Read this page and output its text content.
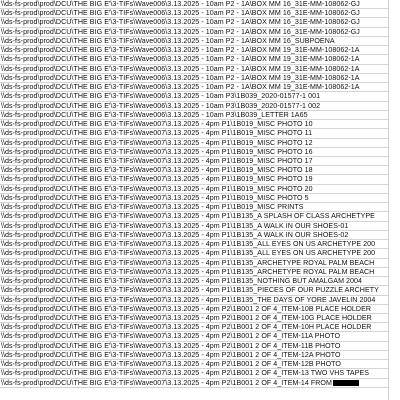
\\ds-fs-prod\prod\DCU\THE BIG E'\3-TIFs\Wave006\3.13.2025 - 10am P2 - 1A\BOX MM 16_31E-MM-108062-GJ
\\ds-fs-prod\prod\DCU\THE BIG E'\3-TIFs\Wave006\3.13.2025 - 10am P2 - 1A\BOX MM 16_31E-MM-108062-GJ
\\ds-fs-prod\prod\DCU\THE BIG E'\3-TIFs\Wave006\3.13.2025 - 10am P2 - 1A\BOX MM 16_31E-MM-108062-GJ
\\ds-fs-prod\prod\DCU\THE BIG E'\3-TIFs\Wave006\3.13.2025 - 10am P2 - 1A\BOX MM 16_31E-MM-108062-GJ
\\ds-fs-prod\prod\DCU\THE BIG E'\3-TIFs\Wave006\3.13.2025 - 10am P2 - 1A\BOX MM 16_SUBPOENA
\\ds-fs-prod\prod\DCU\THE BIG E'\3-TIFs\Wave006\3.13.2025 - 10am P2 - 1A\BOX MM 19_31E-MM-108062-1A
\\ds-fs-prod\prod\DCU\THE BIG E'\3-TIFs\Wave006\3.13.2025 - 10am P2 - 1A\BOX MM 19_31E-MM-108062-1A
\\ds-fs-prod\prod\DCU\THE BIG E'\3-TIFs\Wave006\3.13.2025 - 10am P2 - 1A\BOX MM 19_31E-MM-108062-1A
\\ds-fs-prod\prod\DCU\THE BIG E'\3-TIFs\Wave006\3.13.2025 - 10am P2 - 1A\BOX MM 19_31E-MM-108062-1A
\\ds-fs-prod\prod\DCU\THE BIG E'\3-TIFs\Wave006\3.13.2025 - 10am P2 - 1A\BOX MM 19_31E-MM-108062-1A
\\ds-fs-prod\prod\DCU\THE BIG E'\3-TIFs\Wave006\3.13.2025 - 10am P3\1B039_2020-01577-1 001
\\ds-fs-prod\prod\DCU\THE BIG E'\3-TIFs\Wave006\3.13.2025 - 10am P3\1B039_2020-01577-1 002
\\ds-fs-prod\prod\DCU\THE BIG E'\3-TIFs\Wave006\3.13.2025 - 10am P3\1B039_LETTER 1A65
\\ds-fs-prod\prod\DCU\THE BIG E'\3-TIFs\Wave007\3.13.2025 - 4pm P1\1B019_MISC PHOTO 10
\\ds-fs-prod\prod\DCU\THE BIG E'\3-TIFs\Wave007\3.13.2025 - 4pm P1\1B019_MISC PHOTO 11
\\ds-fs-prod\prod\DCU\THE BIG E'\3-TIFs\Wave007\3.13.2025 - 4pm P1\1B019_MISC PHOTO 12
\\ds-fs-prod\prod\DCU\THE BIG E'\3-TIFs\Wave007\3.13.2025 - 4pm P1\1B019_MISC PHOTO 16
\\ds-fs-prod\prod\DCU\THE BIG E'\3-TIFs\Wave007\3.13.2025 - 4pm P1\1B019_MISC PHOTO 17
\\ds-fs-prod\prod\DCU\THE BIG E'\3-TIFs\Wave007\3.13.2025 - 4pm P1\1B019_MISC PHOTO 18
\\ds-fs-prod\prod\DCU\THE BIG E'\3-TIFs\Wave007\3.13.2025 - 4pm P1\1B019_MISC PHOTO 19
\\ds-fs-prod\prod\DCU\THE BIG E'\3-TIFs\Wave007\3.13.2025 - 4pm P1\1B019_MISC PHOTO 20
\\ds-fs-prod\prod\DCU\THE BIG E'\3-TIFs\Wave007\3.13.2025 - 4pm P1\1B019_MISC PHOTO 5
\\ds-fs-prod\prod\DCU\THE BIG E'\3-TIFs\Wave007\3.13.2025 - 4pm P1\1B019_MISC PRINTS
\\ds-fs-prod\prod\DCU\THE BIG E'\3-TIFs\Wave007\3.13.2025 - 4pm P1\1B135_A SPLASH OF CLASS ARCHETYPE
\\ds-fs-prod\prod\DCU\THE BIG E'\3-TIFs\Wave007\3.13.2025 - 4pm P1\1B135_A WALK IN OUR SHOES-01
\\ds-fs-prod\prod\DCU\THE BIG E'\3-TIFs\Wave007\3.13.2025 - 4pm P1\1B135_A WALK IN OUR SHOES-02
\\ds-fs-prod\prod\DCU\THE BIG E'\3-TIFs\Wave007\3.13.2025 - 4pm P1\1B135_ALL EYES ON US ARCHETYPE 200
\\ds-fs-prod\prod\DCU\THE BIG E'\3-TIFs\Wave007\3.13.2025 - 4pm P1\1B135_ALL EYES ON US ARCHETYPE 200
\\ds-fs-prod\prod\DCU\THE BIG E'\3-TIFs\Wave007\3.13.2025 - 4pm P1\1B135_ARCHETYPE ROYAL PALM BEACH
\\ds-fs-prod\prod\DCU\THE BIG E'\3-TIFs\Wave007\3.13.2025 - 4pm P1\1B135_ARCHETYPE ROYAL PALM BEACH
\\ds-fs-prod\prod\DCU\THE BIG E'\3-TIFs\Wave007\3.13.2025 - 4pm P1\1B135_NOTHING BUT AMALGAM 2004
\\ds-fs-prod\prod\DCU\THE BIG E'\3-TIFs\Wave007\3.13.2025 - 4pm P1\1B135_PIECES OF OUR PUZZLE ARCHETY
\\ds-fs-prod\prod\DCU\THE BIG E'\3-TIFs\Wave007\3.13.2025 - 4pm P1\1B135_THE DAYS OF YORE JAVELIN 2004
\\ds-fs-prod\prod\DCU\THE BIG E'\3-TIFs\Wave007\3.13.2025 - 4pm P2\1B001 2 OF 4_ITEM-10B PLACE HOLDER
\\ds-fs-prod\prod\DCU\THE BIG E'\3-TIFs\Wave007\3.13.2025 - 4pm P2\1B001 2 OF 4_ITEM-10G PLACE HOLDER
\\ds-fs-prod\prod\DCU\THE BIG E'\3-TIFs\Wave007\3.13.2025 - 4pm P2\1B001 2 OF 4_ITEM-10H PLACE HOLDER
\\ds-fs-prod\prod\DCU\THE BIG E'\3-TIFs\Wave007\3.13.2025 - 4pm P2\1B001 2 OF 4_ITEM-11A PHOTO
\\ds-fs-prod\prod\DCU\THE BIG E'\3-TIFs\Wave007\3.13.2025 - 4pm P2\1B001 2 OF 4_ITEM-11B PHOTO
\\ds-fs-prod\prod\DCU\THE BIG E'\3-TIFs\Wave007\3.13.2025 - 4pm P2\1B001 2 OF 4_ITEM-12A PHOTO
\\ds-fs-prod\prod\DCU\THE BIG E'\3-TIFs\Wave007\3.13.2025 - 4pm P2\1B001 2 OF 4_ITEM-12B PHOTO
\\ds-fs-prod\prod\DCU\THE BIG E'\3-TIFs\Wave007\3.13.2025 - 4pm P2\1B001 2 OF 4_ITEM-13 TWO VHS TAPES
\\ds-fs-prod\prod\DCU\THE BIG E'\3-TIFs\Wave007\3.13.2025 - 4pm P2\1B001 2 OF 4_ITEM-14 FROM
